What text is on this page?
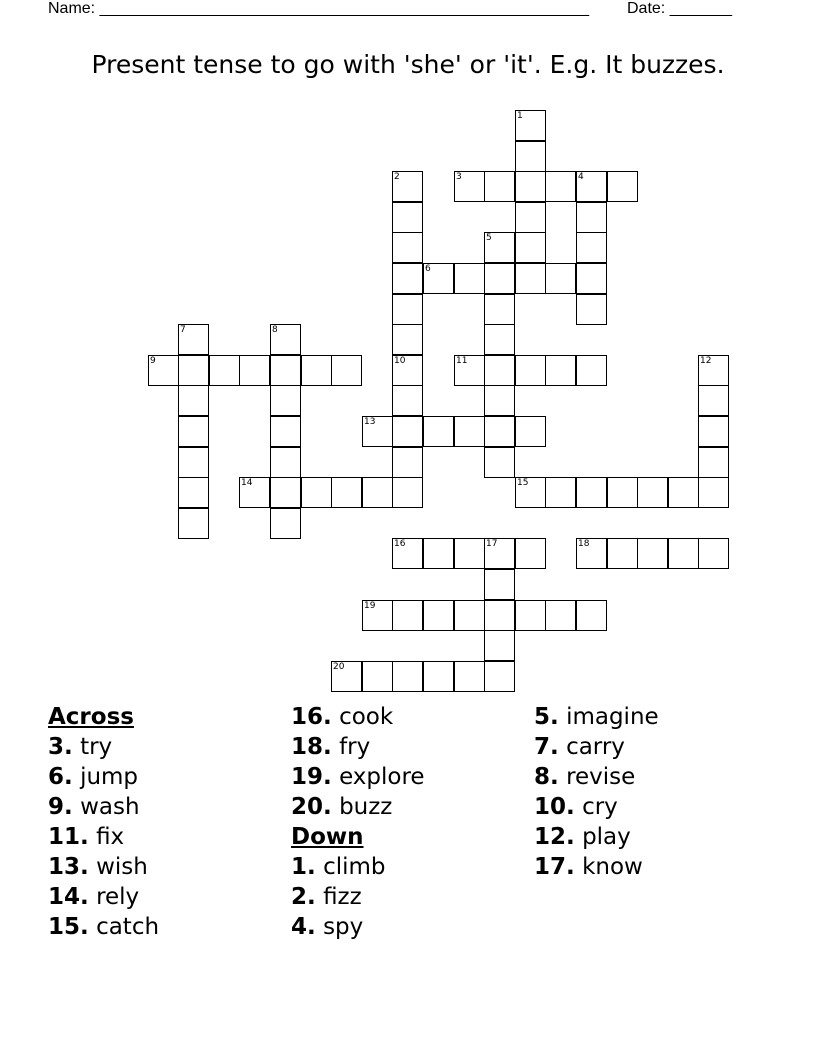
Name: _______________________________________________________ Date: _______
Present tense to go with 'she' or 'it'. E.g. It buzzes.
1
2	3	4
5
6
7	8
9	10	11	12
13
14	15
16	17	18
19
20
Across
3. try
6. jump
9. wash
11. fix
13. wish
14. rely
15. catch
16. cook
18. fry
19. explore
20. buzz
Down
1. climb
2. fizz
4. spy
5. imagine
7. carry
8. revise
10. cry
12. play
17. know
